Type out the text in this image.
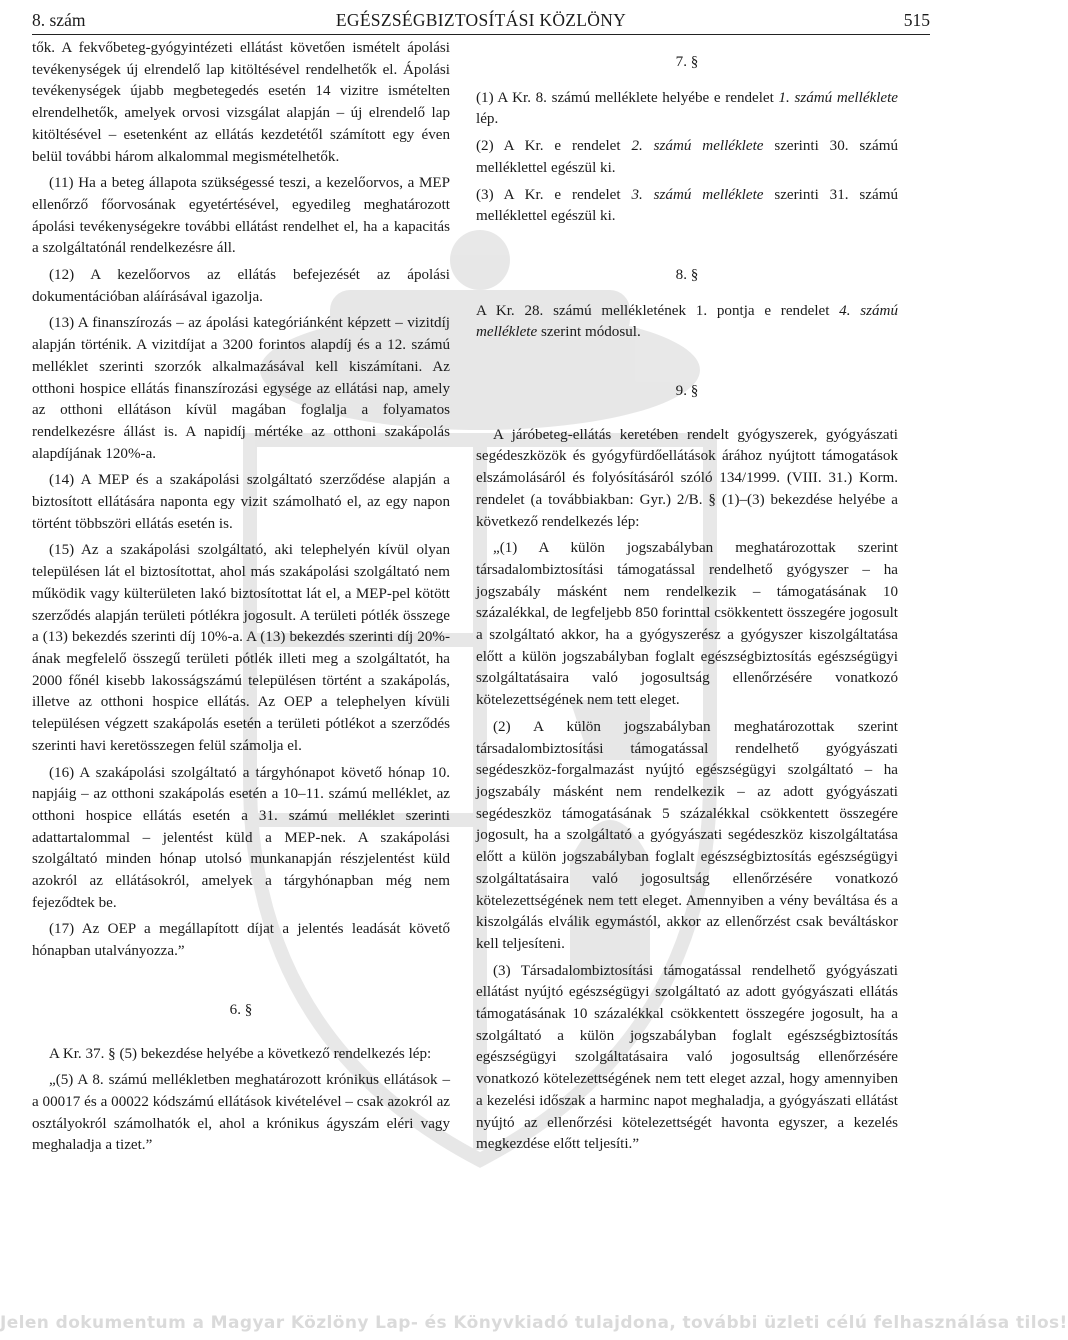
8. szám	EGÉSZSÉGBIZTOSÍTÁSI KÖZLÖNY	515

tők. A fekvőbeteg-gyógyintézeti ellátást követően ismételt ápolási tevékenységek új elrendelő lap kitöltésével rendelhetők el. Ápolási tevékenységek újabb megbetegedés esetén 14 vizitre ismételten elrendelhetők, amelyek orvosi vizsgálat alapján – új elrendelő lap kitöltésével – esetenként az ellátás kezdetétől számított egy éven belül további három alkalommal megismételhetők.

(11) Ha a beteg állapota szükségessé teszi, a kezelőorvos, a MEP ellenőrző főorvosának egyetértésével, egyedileg meghatározott ápolási tevékenységekre további ellátást rendelhet el, ha a kapacitás a szolgáltatónál rendelkezésre áll.

(12) A kezelőorvos az ellátás befejezését az ápolási dokumentációban aláírásával igazolja.

(13) A finanszírozás – az ápolási kategóriánként képzett – vizitdíj alapján történik. A vizitdíjat a 3200 forintos alapdíj és a 12. számú melléklet szerinti szorzók alkalmazásával kell kiszámítani. Az otthoni hospice ellátás finanszírozási egysége az ellátási nap, amely az otthoni ellátáson kívül magában foglalja a folyamatos rendelkezésre állást is. A napidíj mértéke az otthoni szakápolás alapdíjának 120%-a.

(14) A MEP és a szakápolási szolgáltató szerződése alapján a biztosított ellátására naponta egy vizit számolható el, az egy napon történt többszöri ellátás esetén is.

(15) Az a szakápolási szolgáltató, aki telephelyén kívül olyan településen lát el biztosítottat, ahol más szakápolási szolgáltató nem működik vagy külterületen lakó biztosítottat lát el, a MEP-pel kötött szerződés alapján területi pótlékra jogosult. A területi pótlék összege a (13) bekezdés szerinti díj 10%-a. A (13) bekezdés szerinti díj 20%-ának megfelelő összegű területi pótlék illeti meg a szolgáltatót, ha 2000 főnél kisebb lakosságszámú településen történt a szakápolás, illetve az otthoni hospice ellátás. Az OEP a telephelyen kívüli településen végzett szakápolás esetén a területi pótlékot a szerződés szerinti havi keretösszegen felül számolja el.

(16) A szakápolási szolgáltató a tárgyhónapot követő hónap 10. napjáig – az otthoni szakápolás esetén a 10–11. számú melléklet, az otthoni hospice ellátás esetén a 31. számú melléklet szerinti adattartalommal – jelentést küld a MEP-nek. A szakápolási szolgáltató minden hónap utolsó munkanapján részjelentést küld azokról az ellátásokról, amelyek a tárgyhónapban még nem fejeződtek be.

(17) Az OEP a megállapított díjat a jelentés leadását követő hónapban utalványozza.”

6. §

A Kr. 37. § (5) bekezdése helyébe a következő rendelkezés lép:

„(5) A 8. számú mellékletben meghatározott krónikus ellátások – a 00017 és a 00022 kódszámú ellátások kivételével – csak azokról az osztályokról számolhatók el, ahol a krónikus ágyszám eléri vagy meghaladja a tizet.”

7. §

(1) A Kr. 8. számú melléklete helyébe e rendelet 1. számú melléklete lép.

(2) A Kr. e rendelet 2. számú melléklete szerinti 30. számú melléklettel egészül ki.

(3) A Kr. e rendelet 3. számú melléklete szerinti 31. számú melléklettel egészül ki.

8. §

A Kr. 28. számú mellékletének 1. pontja e rendelet 4. számú melléklete szerint módosul.

9. §

A járóbeteg-ellátás keretében rendelt gyógyszerek, gyógyászati segédeszközök és gyógyfürdőellátások árához nyújtott támogatások elszámolásáról és folyósításáról szóló 134/1999. (VIII. 31.) Korm. rendelet (a továbbiakban: Gyr.) 2/B. § (1)–(3) bekezdése helyébe a következő rendelkezés lép:

„(1) A külön jogszabályban meghatározottak szerint társadalombiztosítási támogatással rendelhető gyógyszer – ha jogszabály másként nem rendelkezik – támogatásának 10 százalékkal, de legfeljebb 850 forinttal csökkentett összegére jogosult a szolgáltató akkor, ha a gyógyszerész a gyógyszer kiszolgáltatása előtt a külön jogszabályban foglalt egészségbiztosítás egészségügyi szolgáltatásaira való jogosultság ellenőrzésére vonatkozó kötelezettségének nem tett eleget.

(2) A külön jogszabályban meghatározottak szerint társadalombiztosítási támogatással rendelhető gyógyászati segédeszköz-forgalmazást nyújtó egészségügyi szolgáltató – ha jogszabály másként nem rendelkezik – az adott gyógyászati segédeszköz támogatásának 5 százalékkal csökkentett összegére jogosult, ha a szolgáltató a gyógyászati segédeszköz kiszolgáltatása előtt a külön jogszabályban foglalt egészségbiztosítás egészségügyi szolgáltatásaira való jogosultság ellenőrzésére vonatkozó kötelezettségének nem tett eleget. Amennyiben a vény beváltása és a kiszolgálás elválik egymástól, akkor az ellenőrzést csak beváltáskor kell teljesíteni.

(3) Társadalombiztosítási támogatással rendelhető gyógyászati ellátást nyújtó egészségügyi szolgáltató az adott gyógyászati ellátás támogatásának 10 százalékkal csökkentett összegére jogosult, ha a szolgáltató a külön jogszabályban foglalt egészségbiztosítás egészségügyi szolgáltatásaira való jogosultság ellenőrzésére vonatkozó kötelezettségének nem tett eleget azzal, hogy amennyiben a kezelési időszak a harminc napot meghaladja, a gyógyászati ellátást nyújtó az ellenőrzési kötelezettségét havonta egyszer, a kezelés megkezdése előtt teljesíti.”

Jelen dokumentum a Magyar Közlöny Lap- és Könyvkiadó tulajdona, további üzleti célú felhasználása tilos!
